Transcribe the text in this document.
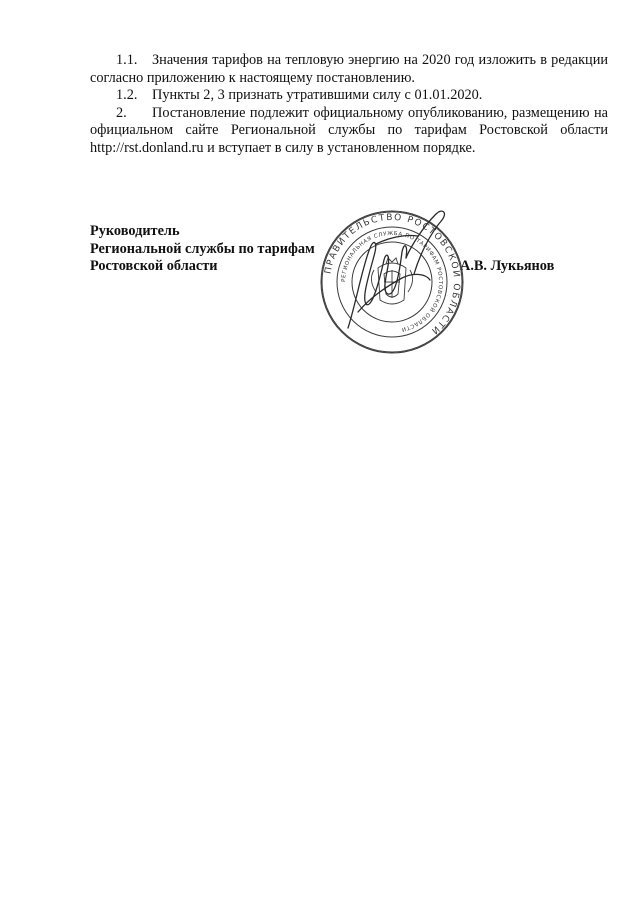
1.1. Значения тарифов на тепловую энергию на 2020 год изложить в редакции согласно приложению к настоящему постановлению.

1.2. Пункты 2, 3 признать утратившими силу с 01.01.2020.

2. Постановление подлежит официальному опубликованию, размещению на официальном сайте Региональной службы по тарифам Ростовской области http://rst.donland.ru и вступает в силу в установленном порядке.

Руководитель
Региональной службы по тарифам
Ростовской области	А.В. Лукьянов
ПРАВИТЕЛЬСТВО РОСТОВСКОЙ ОБЛАСТИ
РЕГИОНАЛЬНАЯ СЛУЖБА ПО ТАРИФАМ РОСТОВСКОЙ ОБЛАСТИ
